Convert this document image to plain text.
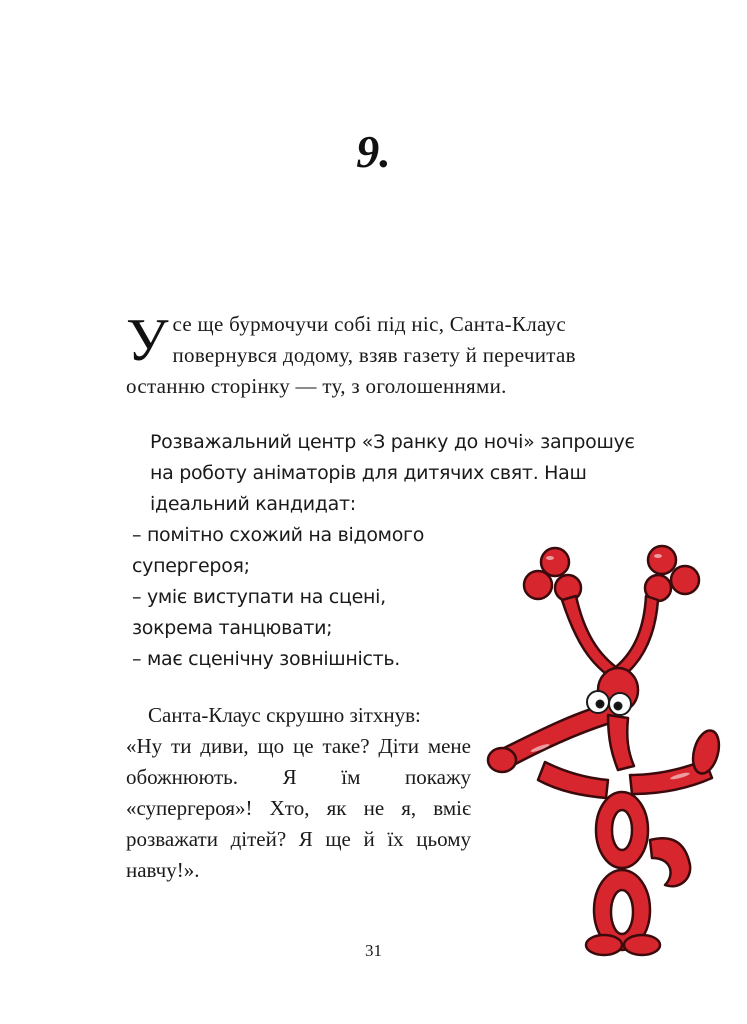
9.
У се ще бурмочучи собі під ніс, Санта-Клаус повернувся додому, взяв газету й перечитав останню сторінку — ту, з оголошеннями.
Розважальний центр «З ранку до ночі» запрошує на роботу аніматорів для дитячих свят. Наш ідеальний кандидат:
– помітно схожий на відомого супергероя;
– уміє виступати на сцені, зокрема танцювати;
– має сценічну зовнішність.
Санта-Клаус скрушно зітхнув:
«Ну ти диви, що це таке? Діти мене обожнюють. Я їм покажу «супергероя»! Хто, як не я, вміє розважати дітей? Я ще й їх цьому навчу!».
31
